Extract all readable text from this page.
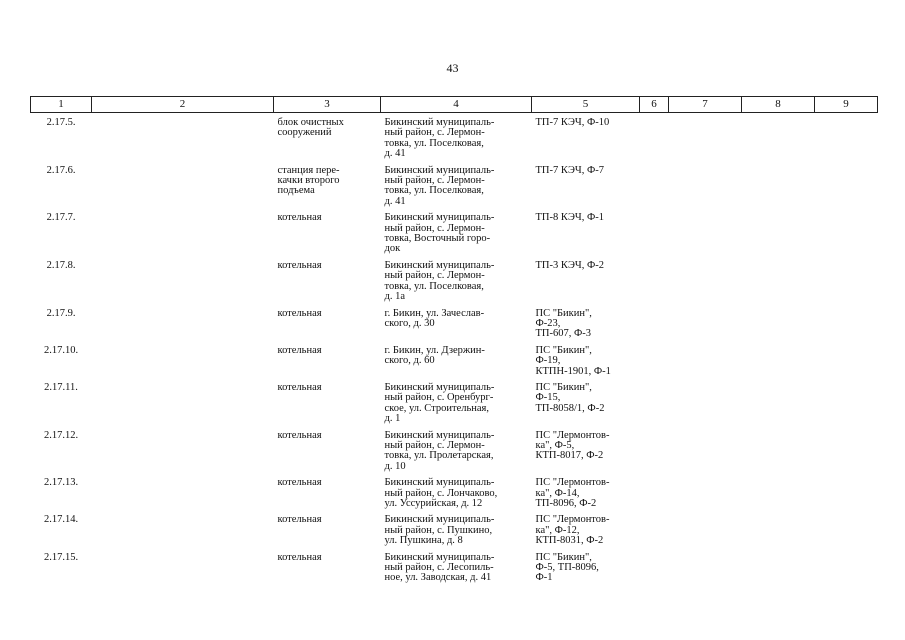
43
1	2	3	4	5	6	7	8	9
2.17.5.		блок очистных
сооружений	Бикинский муниципаль-
ный район, с. Лермон-
товка, ул. Поселковая,
д. 41	ТП-7 КЭЧ, Ф-10				
2.17.6.		станция пере-
качки второго
подъема	Бикинский муниципаль-
ный район, с. Лермон-
товка, ул. Поселковая,
д. 41	ТП-7 КЭЧ, Ф-7				
2.17.7.		котельная	Бикинский муниципаль-
ный район, с. Лермон-
товка, Восточный горо-
док	ТП-8 КЭЧ, Ф-1				
2.17.8.		котельная	Бикинский муниципаль-
ный район, с. Лермон-
товка, ул. Поселковая,
д. 1а	ТП-3 КЭЧ, Ф-2				
2.17.9.		котельная	г. Бикин, ул. Зачеслав-
ского, д. 30	ПС "Бикин",
Ф-23,
ТП-607, Ф-3				
2.17.10.		котельная	г. Бикин, ул. Дзержин-
ского, д. 60	ПС "Бикин",
Ф-19,
КТПН-1901, Ф-1				
2.17.11.		котельная	Бикинский муниципаль-
ный район, с. Оренбург-
ское, ул. Строительная,
д. 1	ПС "Бикин",
Ф-15,
ТП-8058/1, Ф-2				
2.17.12.		котельная	Бикинский муниципаль-
ный район, с. Лермон-
товка, ул. Пролетарская,
д. 10	ПС "Лермонтов-
ка", Ф-5,
КТП-8017, Ф-2				
2.17.13.		котельная	Бикинский муниципаль-
ный район, с. Лончаково,
ул. Уссурийская, д. 12	ПС "Лермонтов-
ка", Ф-14,
ТП-8096, Ф-2				
2.17.14.		котельная	Бикинский муниципаль-
ный район, с. Пушкино,
ул. Пушкина, д. 8	ПС "Лермонтов-
ка", Ф-12,
КТП-8031, Ф-2				
2.17.15.		котельная	Бикинский муниципаль-
ный район, с. Лесопиль-
ное, ул. Заводская, д. 41	ПС "Бикин",
Ф-5, ТП-8096,
Ф-1				
